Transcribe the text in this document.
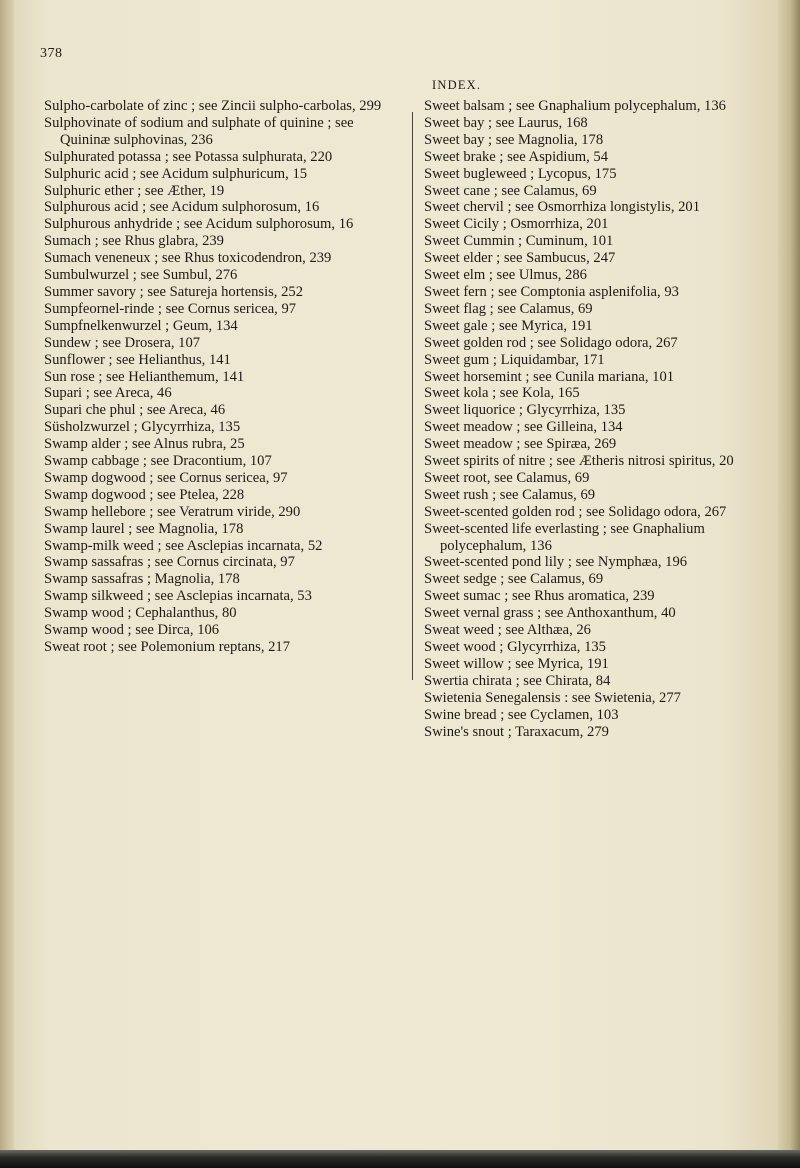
378
INDEX.

Sulpho-carbolate of zinc ; see Zincii sulpho-carbolas, 299

Sulphovinate of sodium and sulphate of quinine ; see Quininæ sulphovinas, 236

Sulphurated potassa ; see Potassa sulphurata, 220

Sulphuric acid ; see Acidum sulphuricum, 15

Sulphuric ether ; see Æther, 19

Sulphurous acid ; see Acidum sulphorosum, 16

Sulphurous anhydride ; see Acidum sulphorosum, 16

Sumach ; see Rhus glabra, 239

Sumach veneneux ; see Rhus toxicodendron, 239

Sumbulwurzel ; see Sumbul, 276

Summer savory ; see Satureja hortensis, 252

Sumpfeornel-rinde ; see Cornus sericea, 97

Sumpfnelkenwurzel ; Geum, 134

Sundew ; see Drosera, 107

Sunflower ; see Helianthus, 141

Sun rose ; see Helianthemum, 141

Supari ; see Areca, 46

Supari che phul ; see Areca, 46

Süsholzwurzel ; Glycyrrhiza, 135

Swamp alder ; see Alnus rubra, 25

Swamp cabbage ; see Dracontium, 107

Swamp dogwood ; see Cornus sericea, 97

Swamp dogwood ; see Ptelea, 228

Swamp hellebore ; see Veratrum viride, 290

Swamp laurel ; see Magnolia, 178

Swamp-milk weed ; see Asclepias incarnata, 52

Swamp sassafras ; see Cornus circinata, 97

Swamp sassafras ; Magnolia, 178

Swamp silkweed ; see Asclepias incarnata, 53

Swamp wood ; Cephalanthus, 80

Swamp wood ; see Dirca, 106

Sweat root ; see Polemonium reptans, 217

Sweet balsam ; see Gnaphalium polycephalum, 136

Sweet bay ; see Laurus, 168

Sweet bay ; see Magnolia, 178

Sweet brake ; see Aspidium, 54

Sweet bugleweed ; Lycopus, 175

Sweet cane ; see Calamus, 69

Sweet chervil ; see Osmorrhiza longistylis, 201

Sweet Cicily ; Osmorrhiza, 201

Sweet Cummin ; Cuminum, 101

Sweet elder ; see Sambucus, 247

Sweet elm ; see Ulmus, 286

Sweet fern ; see Comptonia asplenifolia, 93

Sweet flag ; see Calamus, 69

Sweet gale ; see Myrica, 191

Sweet golden rod ; see Solidago odora, 267

Sweet gum ; Liquidambar, 171

Sweet horsemint ; see Cunila mariana, 101

Sweet kola ; see Kola, 165

Sweet liquorice ; Glycyrrhiza, 135

Sweet meadow ; see Gilleina, 134

Sweet meadow ; see Spiræa, 269

Sweet spirits of nitre ; see Ætheris nitrosi spiritus, 20

Sweet root, see Calamus, 69

Sweet rush ; see Calamus, 69

Sweet-scented golden rod ; see Solidago odora, 267

Sweet-scented life everlasting ; see Gnaphalium polycephalum, 136

Sweet-scented pond lily ; see Nymphæa, 196

Sweet sedge ; see Calamus, 69

Sweet sumac ; see Rhus aromatica, 239

Sweet vernal grass ; see Anthoxanthum, 40

Sweat weed ; see Althæa, 26

Sweet wood ; Glycyrrhiza, 135

Sweet willow ; see Myrica, 191

Swertia chirata ; see Chirata, 84

Swietenia Senegalensis : see Swietenia, 277

Swine bread ; see Cyclamen, 103

Swine's snout ; Taraxacum, 279
